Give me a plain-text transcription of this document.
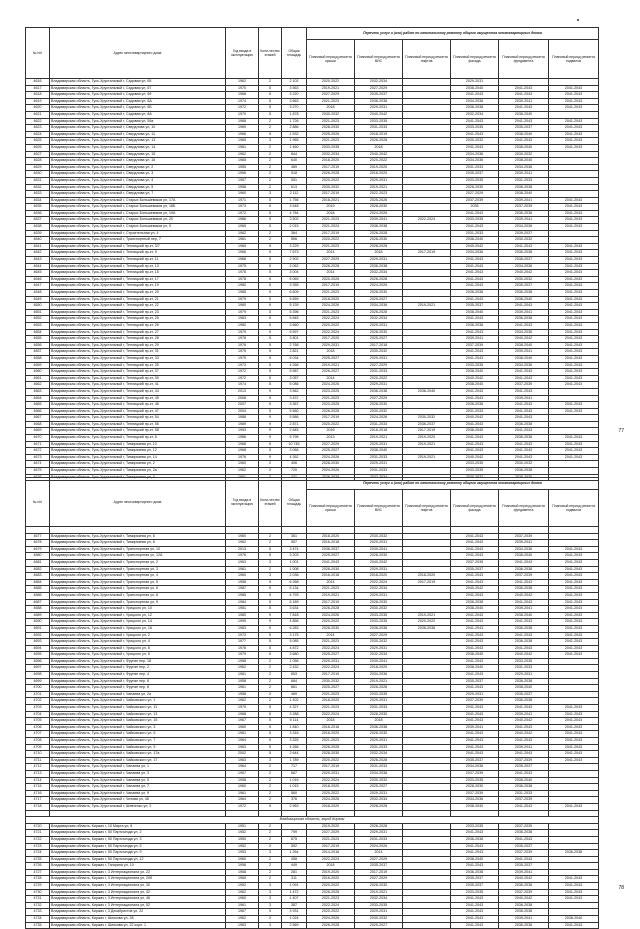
№ п/п	Адрес многоквартирного дома	Год ввода в эксплуатацию	Коли-чество этажей	Общая площадь	Перечень услуг и (или) работ по капитальному ремонту общего имущества многоквартирных домов					
					Плановый период ремонта крыши	Плановый период ремонта ВИС	Плановый период ремонта лифтов	Плановый период ремонта фасада	Плановый период ремонта фундамента	Плановый период ремонта подвалов
4616	Владимирская область, Гусь-Хрустальный г, Садовая ул, 65	1962	2	2 102	2020-2022	2032-2034		2029-2031		
4617	Владимирская область, Гусь-Хрустальный г, Садовая ул, 67	1970	5	3 563	2019-2021	2027-2029		2038-2040	2041-2043	2041-2043
4618	Владимирская область, Гусь-Хрустальный г, Садовая ул, 69	1968	5	3 220	2027-2029	2035-2037		2041-2043	2041-2043	2041-2043
4619	Владимирская область, Гусь-Хрустальный г, Садовая ул, 6А	1974	5	3 663	2021-2023	2036-2038		2034-2036	2039-2041	2041-2043
4620	Владимирская область, Гусь-Хрустальный г, Садовая ул, 6Б	1972	5	3 270	2018	2029-2031		2036-2038	2041-2043	2041-2043
4621	Владимирская область, Гусь-Хрустальный г, Садовая ул, 8А	1970	5	1 878	2030-2032	2040-2042		2032-2034	2038-2040	
4622	Владимирская область, Гусь-Хрустальный г, Садовая ул, 59а	1968	2	1 726	2021-2023	2033-2035		2041-2043	2041-2043	2041-2043
4623	Владимирская область, Гусь-Хрустальный г, Свердлова ул, 10	1969	2	2 886	2028-2030	2031-2033		2033-2035	2035-2037	2041-2043
4624	Владимирская область, Гусь-Хрустальный г, Свердлова ул, 11	1966	5	1 532	2025-2026	2018-2019		2041-2043	2038-2040	2041-2043
4625	Владимирская область, Гусь-Хрустальный г, Свердлова ул, 13	1965	3	1 965	2021-2023	2026-2028		2030-2032	2041-2043	2041-2043
4626	Владимирская область, Гусь-Хрустальный г, Свердлова ул, 14	1961	2	1 460	2033-2035	2018		2041-2043	2038-2040	2041-2043
4627	Владимирская область, Гусь-Хрустальный г, Свердлова ул, 15	1962	2	844	2032-2034	2040-2042		2034-2036	2030-2032	
4628	Владимирская область, Гусь-Хрустальный г, Свердлова ул, 16	1965	2	640	2018-2020	2020-2022		2034-2036	2038-2040	
4629	Владимирская область, Гусь-Хрустальный г, Свердлова ул, 2	1955	2	489	2017-2019	2019-2020		2031-2033	2034-2036	
4630	Владимирская область, Гусь-Хрустальный г, Свердлова ул, 3	1956	2	518	2026-2028	2018-2020		2035-2037	2039-2041	
4631	Владимирская область, Гусь-Хрустальный г, Свердлова ул, 4	1957	2	551	2020-2022	2029-2031		2033-2035	2031-2033	
4632	Владимирская область, Гусь-Хрустальный г, Свердлова ул, 5	1958	2	613	2030-2032	2019-2021		2028-2030	2036-2038	
4633	Владимирская область, Гусь-Хрустальный г, Свердлова ул, 7	1960	3	2 112	2017-2019	2022-2023		2027-2029	2038-2040	
4634	Владимирская область, Гусь-Хрустальный г, Старых Большевиков ул, 17А	1971	5	1 756	2018-2021	2025-2026		2037-2039	2039-2041	2041-2043
4635	Владимирская область, Гусь-Хрустальный г, Старых Большевиков ул, 18Б	1973	5	3 548	2019	2028-2030		2035	2037-2039	2041-2043
4636	Владимирская область, Гусь-Хрустальный г, Старых Большевиков ул, 19А	1972	5	4 784	2018	2024-2026		2041-2043	2036-2038	2041-2043
4637	Владимирская область, Гусь-Хрустальный г, Старых Большевиков ул, 20	1986	9	3 502	2021-2023	2039-2041	2022-2024	2033-2035	2039-2041	2041-2043
4638	Владимирская область, Гусь-Хрустальный г, Старых Большевиков ул, 5	1965	5	2 015	2021-2024	2036-2038		2041-2043	2034-2036	2041-2043
4639	Владимирская область, Гусь-Хрустальный г, Строительная ул, 4	1962	2	364	2017-2019	2026-2028		2031-2033	2039-2037	
4640	Владимирская область, Гусь-Хрустальный г, Транспортный пер, 7	1961	2	506	2020-2022	2028-2030		2038-2040	2030-2032	
4641	Владимирская область, Гусь-Хрустальный г, Теплицкий пр-кт, 3/7	1965	5	3 229	2021-2023	2026-2028		2040-2042	2041-2043	2041-2043
4642	Владимирская область, Гусь-Хрустальный г, Теплицкий пр-кт, 9	1966	5	7 673	2014	2018	2017-2019	2034-2036	2036-2038	2041-2043
4643	Владимирская область, Гусь-Хрустальный г, Теплицкий пр-кт, 11	1968	5	2 902	2027-2029	2029-2031		2041-2043	2038-2037	2041-2043
4644	Владимирская область, Гусь-Хрустальный г, Теплицкий пр-кт, 13	1975	5	2 062	2026-2028	2036-2038		2041-2043	2034-2036	2041-2043
4645	Владимирская область, Гусь-Хрустальный г, Теплицкий пр-кт, 15	1978	5	3 004	2014	2032-2034		2041-2043	2040-2042	2041-2043
4646	Владимирская область, Гусь-Хрустальный г, Теплицкий пр-кт, 17	1978	5	5 069	2020-2026	2026-2028		2041-2043	2030-2032	2041-2043
4647	Владимирская область, Гусь-Хрустальный г, Теплицкий пр-кт, 19	1980	5	3 355	2017-2019	2024-2026		2041-2043	2035-2037	2041-2043
4648	Владимирская область, Гусь-Хрустальный г, Теплицкий пр-кт, 20	1985	5	6 609	2021-2023	2028-2030		2036-2038	2036-2038	2041-2043
4649	Владимирская область, Гусь-Хрустальный г, Теплицкий пр-кт, 21	1979	5	5 659	2018-2020	2025-2027		2041-2043	2038-2040	2041-2043
4650	Владимирская область, Гусь-Хрустальный г, Теплицкий пр-кт, 22	1980	9	5 139	2024-2026	2034-2036	2019-2021	2035-2037	2041-2043	2041-2043
4651	Владимирская область, Гусь-Хрустальный г, Теплицкий пр-кт, 23	1979	5	5 396	2021-2023	2026-2028		2038-2040	2039-2041	2041-2043
4652	Владимирская область, Гусь-Хрустальный г, Теплицкий пр-кт, 25	1983	5	5 845	2022-2024	2032-2034		2041-2043	2036-2038	2041-2043
4653	Владимирская область, Гусь-Хрустальный г, Теплицкий пр-кт, 26	1980	5	3 660	2020-2022	2029-2031		2036-2038	2041-2043	2041-2043
4654	Владимирская область, Гусь-Хрустальный г, Теплицкий пр-кт, 27	1979	5	5 597	2022-2024	2028-2030		2041-2043	2034-2036	2041-2043
4655	Владимирская область, Гусь-Хрустальный г, Теплицкий пр-кт, 28	1978	5	3 801	2017-2020	2025-2027		2039-2041	2040-2042	2041-2043
4656	Владимирская область, Гусь-Хрустальный г, Теплицкий пр-кт, 29	1976	5	2 768	2029-2031	2017-2018		2037-2039	2038-2040	2041-2043
4657	Владимирская область, Гусь-Хрустальный г, Теплицкий пр-кт, 31	1975	5	2 821	2018	2030-2032		2041-2043	2039-2041	2041-2043
4658	Владимирская область, Гусь-Хрустальный г, Теплицкий пр-кт, 33	1975	5	5 034	2025-2027	2029-2031		2041-2043	2038-2040	2041-2043
4659	Владимирская область, Гусь-Хрустальный г, Теплицкий пр-кт, 35	1973	5	4 266	2019-2021	2027-2029		2033-2035	2034-2036	2041-2043
4660	Владимирская область, Гусь-Хрустальный г, Теплицкий пр-кт, 37	1972	5	5 587	2026-2027	2031-2033		2038-2040	2041-2043	2041-2043
4661	Владимирская область, Гусь-Хрустальный г, Теплицкий пр-кт, 39	1972	5	3 057	2014	2020-2022		2040-2042	2041-2043	2041-2043
4662	Владимирская область, Гусь-Хрустальный г, Теплицкий пр-кт, 41	1974	5	5 086	2024-2026	2029-2031		2038-2040	2037-2039	2041-2043
4663	Владимирская область, Гусь-Хрустальный г, Теплицкий пр-кт, 44	2013	9	3 562	2023-2025	2036-2038	2038-2040	2041-2043	2041-2043	
4664	Владимирская область, Гусь-Хрустальный г, Теплицкий пр-кт, 45	2008	5	3 437	2021-2023	2027-2029		2041-2043	2039-2041	
4665	Владимирская область, Гусь-Хрустальный г, Теплицкий пр-кт, 46	2007	5	3 367	2023-2025	2028-2030		2036-2038	2041-2043	2041-2043
4666	Владимирская область, Гусь-Хрустальный г, Теплицкий пр-кт, 47	2004	5	5 660	2026-2028	2030-2032		2031-2033	2041-2043	2041-2043
4667	Владимирская область, Гусь-Хрустальный г, Теплицкий пр-кт, 54	1988	9	5 586	2017-2019	2024-2026	2030-2032	2040-2042	2041-2043	
4668	Владимирская область, Гусь-Хрустальный г, Теплицкий пр-кт, 56	1989	9	2 871	2020-2022	2031-2033	2036-2037	2041-2043	2036-2038	
4669	Владимирская область, Гусь-Хрустальный г, Теплицкий пр-кт, 58	1993	9	2 845	2016	2016-2018	2017-2019	2038-2040	2041-2043	
4670	Владимирская область, Гусь-Хрустальный г, Теплицкий пр-кт, 6	1986	9	5 795	2013	2019-2021	2019-2020	2041-2043	2036-2038	2041-2043
4671	Владимирская область, Гусь-Хрустальный г, Тимирязева ул, 10	1968	5	10 745	2027-2029	2029-2031	2019-2021	2041-2043	2041-2043	2041-2043
4672	Владимирская область, Гусь-Хрустальный г, Тимирязева ул, 12	1968	5	3 066	2025-2027	2038-2040		2041-2043	2041-2043	2041-2043
4673	Владимирская область, Гусь-Хрустальный г, Тимирязева ул, 14	1976	9	4 262	2024-2026	2031-2033	2019-2021	2040-2042	2041-2043	2041-2043
4674	Владимирская область, Гусь-Хрустальный г, Тимирязева ул, 2	1960	2	406	2028-2030	2029-2031		2033-2035	2030-2032	
4675	Владимирская область, Гусь-Хрустальный г, Тимирязева ул, 2а	1962	2	720	2024-2026	2031-2033		2033-2035	2036-2038	
4676	Владимирская область, Гусь-Хрустальный г, Тимирязева ул, 4	1961	2	431	2026-2028	2032-2034		2030-2032	2028-2030	
77
№ п/п	Адрес многоквартирного дома	Год ввода в эксплуатацию	Коли-чество этажей	Общая площадь	Перечень услуг и (или) работ по капитальному ремонту общего имущества многоквартирных домов					
					Плановый период ремонта крыши	Плановый период ремонта ВИС	Плановый период ремонта лифтов	Плановый период ремонта фасада	Плановый период ремонта фундамента	Плановый период ремонта подвалов

4677	Владимирская область, Гусь-Хрустальный г, Тимирязева ул, 6	1960	2	361	2018-2020	2030-2032		2041-2043	2037-2039	
4678	Владимирская область, Гусь-Хрустальный г, Тимирязева ул, 8	1962	2	557	2016-2018	2029-2031		2041-2043	2039-2041	
4679	Владимирская область, Гусь-Хрустальный г, Транспортная ул, 10	2013	5	3 474	2036-2037	2039-2041		2041-2043	2034-2036	2041-2043
4680	Владимирская область, Гусь-Хрустальный г, Транспортная ул, 12А	1976	5	3 203	2025-2027	2028-2030		2041-2043	2038-2040	2041-2043
4681	Владимирская область, Гусь-Хрустальный г, Транспортная ул, 2	1963	3	1 001	2041-2043	2040-2042		2037-2039	2041-2043	2041-2043
4682	Владимирская область, Гусь-Хрустальный г, Транспортная ул, 3	1961	2	1 008	2028-2030	2029-2031		2035-2037	2036-2038	2041-2043
4683	Владимирская область, Гусь-Хрустальный г, Транспортная ул, 4	1960	3	2 038	2016-2018	2018-2020	2018-2020	2041-2043	2037-2039	2041-2043
4684	Владимирская область, Гусь-Хрустальный г, Транспортная ул, 5	1958	5	6 268	2014	2022-2024	2017-2019	2041-2043	2041-2043	2041-2043
4685	Владимирская область, Гусь-Хрустальный г, Транспортная ул, 6	1987	5	5 134	2021-2023	2032-2034		2040-2042	2036-2038	2041-2043
4686	Владимирская область, Гусь-Хрустальный г, Транспортная ул, 8	1985	5	4 793	2019-2021	2029-2031		2041-2043	2040-2042	2041-2043
4687	Владимирская область, Гусь-Хрустальный г, Транспортная ул, 9	1984	5	5 189	2017-2019	2028-2030		2036-2038	2041-2043	2041-2043
4688	Владимирская область, Гусь-Хрустальный г, Урицкого ул, 10	1981	5	3 634	2026-2028	2030-2032		2038-2040	2039-2041	2041-2043
4689	Владимирская область, Гусь-Хрустальный г, Урицкого ул, 12	1980	9	7 818	2024-2026	2033-2035	2019-2021	2041-2043	2038-2040	2041-2043
4690	Владимирская область, Гусь-Хрустальный г, Урицкого ул, 14	1995	9	4 856	2020-2022	2033-2035	2020-2022	2041-2043	2041-2043	2041-2043
4691	Владимирская область, Гусь-Хрустальный г, Урицкого ул, 16	1983	9	6 283	2028-2030	2036-2038	2036-2038	2041-2043	2036-2038	2041-2043
4692	Владимирская область, Гусь-Хрустальный г, Урицкого ул, 2	1973	5	3 175	2014	2027-2029		2041-2043	2041-2043	2041-2043
4693	Владимирская область, Гусь-Хрустальный г, Урицкого ул, 4	1977	5	5 085	2021-2023	2030-2032		2041-2043	2036-2038	2041-2043
4694	Владимирская область, Гусь-Хрустальный г, Урицкого ул, 6	1976	5	4 872	2022-2024	2029-2031		2041-2043	2041-2043	2041-2043
4695	Владимирская область, Гусь-Хрустальный г, Урицкого ул, 8	1979	5	3 680	2025-2027	2032-2034		2038-2040	2040-2042	2041-2043
4696	Владимирская область, Гусь-Хрустальный г, Фрунзе пер, 18	1958	2	1 056	2029-2031	2039-2041		2041-2043	2033-2035	
4697	Владимирская область, Гусь-Хрустальный г, Фрунзе пер, 2	1962	2	2 432	2022-2024	2018-2020		2038-2040	2031-2033	
4698	Владимирская область, Гусь-Хрустальный г, Фрунзе пер, 4	1961	2	653	2017-2019	2034-2036		2041-2043	2029-2031	
4699	Владимирская область, Гусь-Хрустальный г, Фрунзе пер, 6	1958	2	684	2030-2032	2019-2021		2035-2037	2036-2038	
4700	Владимирская область, Гусь-Хрустальный г, Фрунзе пер, 8	1961	2	661	2025-2027	2026-2028		2041-2043	2038-2040	
4701	Владимирская область, Гусь-Хрустальный г, Чапаева ул, 2а	1958	2	469	2021-2023	2033-2035		2029-2031	2035-2037	
4702	Владимирская область, Гусь-Хрустальный г, Чайковского ул, 1	1962	2	1 402	2018-2020	2029-2031		2037-2039	2036-2038	
4703	Владимирская область, Гусь-Хрустальный г, Чайковского ул, 11	1970	5	4 327	2021-2023	2031-2033		2041-2043	2041-2043	2041-2043
4704	Владимирская область, Гусь-Хрустальный г, Чайковского ул, 13	1968	5	3 288	2022-2024	2028-2030		2041-2043	2039-2041	2041-2043
4705	Владимирская область, Гусь-Хрустальный г, Чайковского ул, 15	1967	5	5 114	2018	2018		2041-2043	2040-2042	2041-2043
4706	Владимирская область, Гусь-Хрустальный г, Чайковского ул, 3	1960	5	1 840	2016-2018	2036-2038		2039-2041	2041-2043	2041-2043
4707	Владимирская область, Гусь-Хрустальный г, Чайковского ул, 5	1961	5	3 316	2018-2020	2028-2030		2041-2043	2040-2042	2041-2043
4708	Владимирская область, Гусь-Хрустальный г, Чайковского ул, 7	1964	5	3 325	2021-2023	2029-2031		2041-2043	2041-2043	2041-2043
4709	Владимирская область, Гусь-Хрустальный г, Чайковского ул, 9	1963	5	4 266	2026-2028	2031-2033		2041-2043	2039-2041	2041-2043
4710	Владимирская область, Гусь-Хрустальный г, Чайковского ул, 17а	2002	5	2 644	2028-2030	2032-2034		2041-2043	2041-2043	2041-2043
4711	Владимирская область, Гусь-Хрустальный г, Чайковского ул, 17	1963	3	1 789	2020-2022	2026-2028		2035-2037	2037-2039	2041-2043
4712	Владимирская область, Гусь-Хрустальный г, Чапаева ул, 1	1964	2	717	2017-2019	2031-2033		2034-2036	2035-2037	
4713	Владимирская область, Гусь-Хрустальный г, Чапаева ул, 3	1957	2	667	2029-2031	2034-2036		2037-2039	2041-2043	
4714	Владимирская область, Гусь-Хрустальный г, Чапаева ул, 5	1958	2	1 016	2022-2024	2030-2032		2033-2035	2038-2040	
4715	Владимирская область, Гусь-Хрустальный г, Чапаева ул, 7	1960	2	1 015	2018-2020	2025-2027		2028-2030	2036-2038	
4716	Владимирская область, Гусь-Хрустальный г, Чапаева ул, 9	1961	2	560	2020-2022	2029-2031		2037-2039	2031-2033	
4717	Владимирская область, Гусь-Хрустальный г, Чехова ул, 48	1964	2	376	2024-2026	2032-2034		2034-2036	2037-2039	
4718	Владимирская область, Гусь-Хрустальный г, Шевченко ул, 2	1972	5	2 963	2018-2020	2026-2028		2038-2040	2041-2043	2041-2043

Владимирская область, город Киржач										
4720	Владимирская область, Киржач г, 10 Марта ул, 8	1951	2		2019-2020	2026-2028		2033-2035	2037-2039	
4721	Владимирская область, Киржач г, 50 Партсъезда ул, 2	1952	2	799	2027-2029	2029-2031		2041-2043	2036-2038	
4722	Владимирская область, Киржач г, 50 Партсъезда ул, 3	1950	2	675	2021-2023	2031-2033		2036-2038	2041-2043	
4723	Владимирская область, Киржач г, 50 Партсъезда ул, 5	1952	2	592	2017-2019	2024-2026		2041-2043	2035-2037	
4724	Владимирская область, Киржач г, 50 Партсъезда ул, 9	1953	3	1 264	2014-2016	2014		2041-2043	2037-2039	2036-2038
4725	Владимирская область, Киржач г, 50 Партсъезда ул, 12	1960	2	458	2022-2024	2027-2029		2038-2040	2041-2043	
4726	Владимирская область, Киржач г, Гагарина ул, 10	1956	2	449	2018	2035-2037		2041-2043	2035-2037	
4727	Владимирская область, Киржач г, 3 Интернационала ул, 22	1958	2	281	2019-2020	2017-2019		2036-2038	2039-2041	
4728	Владимирская область, Киржач г, 3 Интернационала ул, 20б	1960	2	311	2016-2020	2027-2029		2035-2037	2040-2042	2041-2043
4729	Владимирская область, Киржач г, 3 Интернационала ул, 30	1952	3	1 091	2020-2022	2028-2030		2035-2037	2036-2038	2041-2043
4730	Владимирская область, Киржач г, 3 Интернационала ул, 42	1962	3	1 472	2026-2028	2019-2021		2033-2035	2037-2039	2041-2043
4731	Владимирская область, Киржач г, 3 Интернационала ул, 46	1960	3	1 407	2021-2023	2032-2034		2041-2043	2040-2042	2041-2043
4732	Владимирская область, Киржач г, 3 Интернационала ул, 52	1961	3	387	2022-2024	2033-2035		2041-2043	2036-2038	
4733	Владимирская область, Киржач г, 3 Декабристов ул, 22	1967	5	3 931	2020-2022	2029-2031		2041-2043	2036-2038	
4734	Владимирская область, Киржач г, Шелкова ул, 28	1962	2	1 024	2024-2026	2030-2032		2041-2043	2039-2041	2038-2040
4735	Владимирская область, Киржач г, Шелкова ул, 22 корп. 1	1963	3	2 569	2026-2028	2025-2027		2041-2043	2036-2038	2041-2043
78
